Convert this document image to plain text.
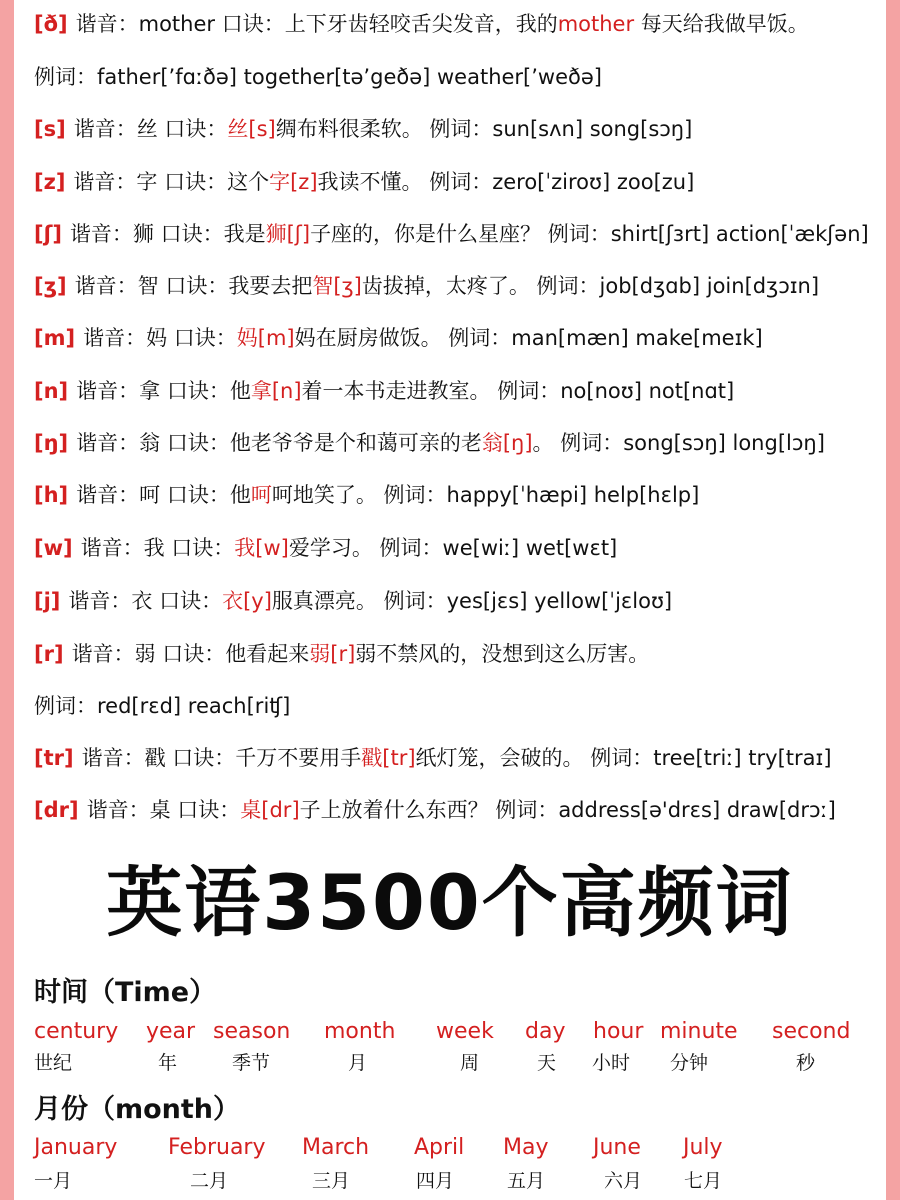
[ð] 谐音：mother 口诀：上下牙齿轻咬舌尖发音，我的mother 每天给我做早饭。
例词：father[’fɑːðə] together[tə’geðə] weather[’weðə]
[s] 谐音：丝 口诀：丝[s]绸布料很柔软。 例词：sun[sʌn] song[sɔŋ]
[z] 谐音：字 口诀：这个字[z]我读不懂。 例词：zero[ˈziroʊ] zoo[zu]
[ʃ] 谐音：狮 口诀：我是狮[ʃ]子座的，你是什么星座？ 例词：shirt[ʃɜrt] action[ˈækʃən]
[ʒ] 谐音：智 口诀：我要去把智[ʒ]齿拔掉，太疼了。 例词：job[dʒɑb] join[dʒɔɪn]
[m] 谐音：妈 口诀：妈[m]妈在厨房做饭。 例词：man[mæn] make[meɪk]
[n] 谐音：拿 口诀：他拿[n]着一本书走进教室。 例词：no[noʊ] not[nɑt]
[ŋ] 谐音：翁 口诀：他老爷爷是个和蔼可亲的老翁[ŋ]。 例词：song[sɔŋ] long[lɔŋ]
[h] 谐音：呵 口诀：他呵呵地笑了。 例词：happy[ˈhæpi] help[hɛlp]
[w] 谐音：我 口诀：我[w]爱学习。 例词：we[wiː] wet[wɛt]
[j] 谐音：衣 口诀：衣[y]服真漂亮。 例词：yes[jɛs] yellow[ˈjɛloʊ]
[r] 谐音：弱 口诀：他看起来弱[r]弱不禁风的，没想到这么厉害。
例词：red[rɛd] reach[riʧ]
[tr] 谐音：戳 口诀：千万不要用手戳[tr]纸灯笼，会破的。 例词：tree[triː] try[traɪ]
[dr] 谐音：桌 口诀：桌[dr]子上放着什么东西？ 例词：address[ə'drɛs] draw[drɔː]
英语3500个高频词
时间（Time）
century year season month week day hour minute second
世纪	年	季节	月	周	天 小时 分钟	秒
月份（month）
January February March April May June July
一月	二月	三月	四月	五月	六月 七月
